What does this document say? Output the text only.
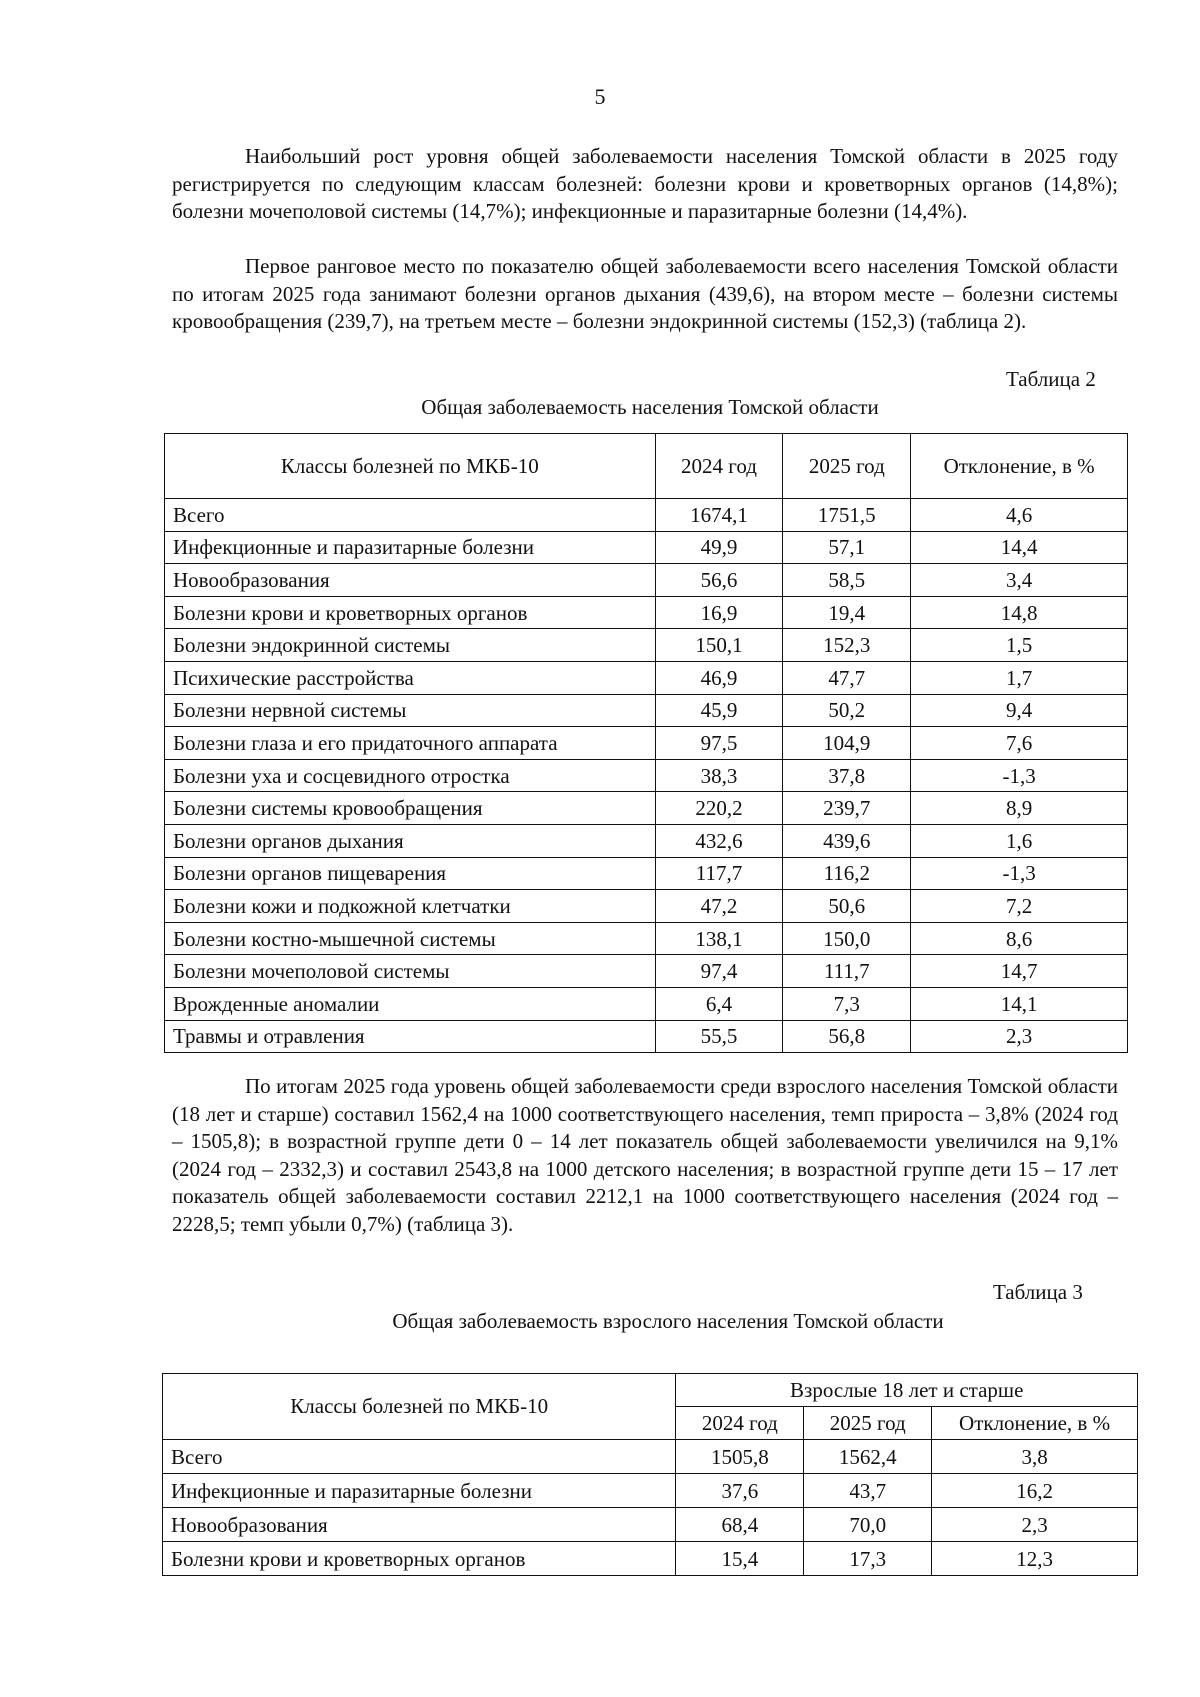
5

Наибольший рост уровня общей заболеваемости населения Томской области в 2025 году регистрируется по следующим классам болезней: болезни крови и кроветворных органов (14,8%); болезни мочеполовой системы (14,7%); инфекционные и паразитарные болезни (14,4%).

Первое ранговое место по показателю общей заболеваемости всего населения Томской области по итогам 2025 года занимают болезни органов дыхания (439,6), на втором месте – болезни системы кровообращения (239,7), на третьем месте – болезни эндокринной системы (152,3) (таблица 2).

Таблица 2
Общая заболеваемость населения Томской области
Классы болезней по МКБ-10	2024 год	2025 год	Отклонение, в %
Всего	1674,1	1751,5	4,6
Инфекционные и паразитарные болезни	49,9	57,1	14,4
Новообразования	56,6	58,5	3,4
Болезни крови и кроветворных органов	16,9	19,4	14,8
Болезни эндокринной системы	150,1	152,3	1,5
Психические расстройства	46,9	47,7	1,7
Болезни нервной системы	45,9	50,2	9,4
Болезни глаза и его придаточного аппарата	97,5	104,9	7,6
Болезни уха и сосцевидного отростка	38,3	37,8	-1,3
Болезни системы кровообращения	220,2	239,7	8,9
Болезни органов дыхания	432,6	439,6	1,6
Болезни органов пищеварения	117,7	116,2	-1,3
Болезни кожи и подкожной клетчатки	47,2	50,6	7,2
Болезни костно-мышечной системы	138,1	150,0	8,6
Болезни мочеполовой системы	97,4	111,7	14,7
Врожденные аномалии	6,4	7,3	14,1
Травмы и отравления	55,5	56,8	2,3

По итогам 2025 года уровень общей заболеваемости среди взрослого населения Томской области (18 лет и старше) составил 1562,4 на 1000 соответствующего населения, темп прироста – 3,8% (2024 год – 1505,8); в возрастной группе дети 0 – 14 лет показатель общей заболеваемости увеличился на 9,1% (2024 год – 2332,3) и составил 2543,8 на 1000 детского населения; в возрастной группе дети 15 – 17 лет показатель общей заболеваемости составил 2212,1 на 1000 соответствующего населения (2024 год – 2228,5; темп убыли 0,7%) (таблица 3).

Таблица 3
Общая заболеваемость взрослого населения Томской области
Классы болезней по МКБ-10	Взрослые 18 лет и старше		
	2024 год	2025 год	Отклонение, в %
Всего	1505,8	1562,4	3,8
Инфекционные и паразитарные болезни	37,6	43,7	16,2
Новообразования	68,4	70,0	2,3
Болезни крови и кроветворных органов	15,4	17,3	12,3
